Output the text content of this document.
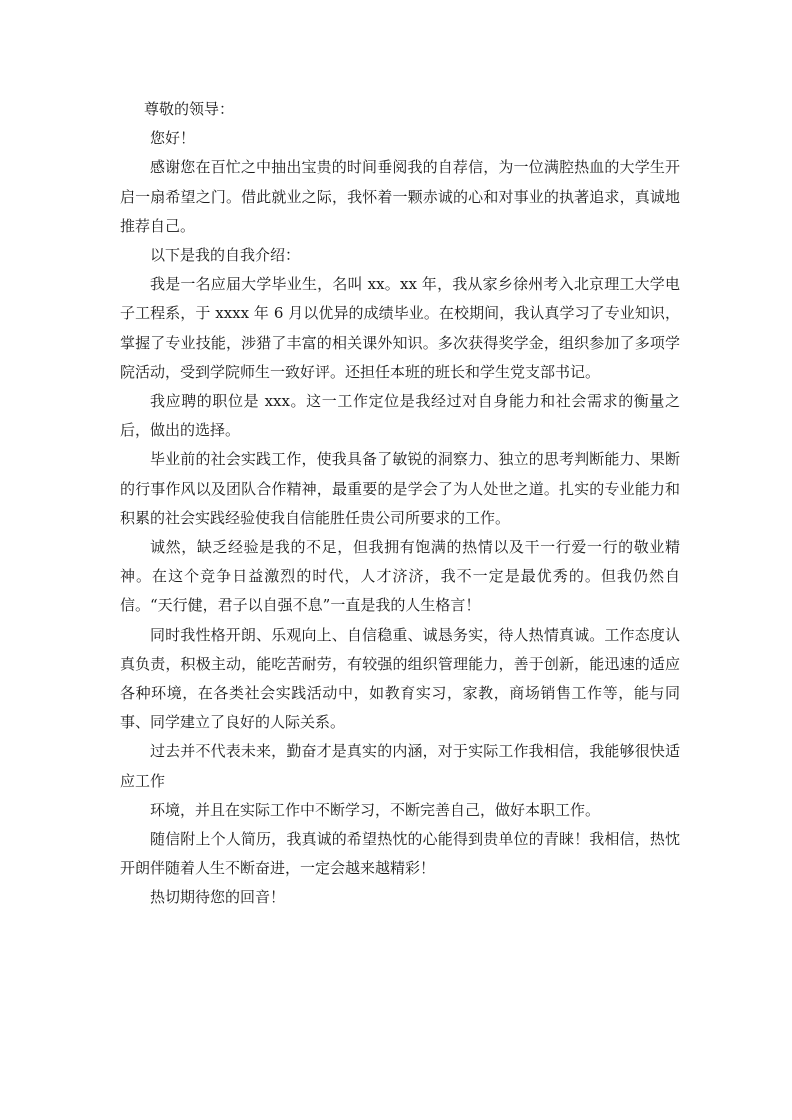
尊敬的领导：

您好！

感谢您在百忙之中抽出宝贵的时间垂阅我的自荐信，为一位满腔热血的大学生开启一扇希望之门。借此就业之际，我怀着一颗赤诚的心和对事业的执著追求，真诚地推荐自己。

以下是我的自我介绍：

我是一名应届大学毕业生，名叫 xx。xx 年，我从家乡徐州考入北京理工大学电子工程系，于 xxxx 年 6 月以优异的成绩毕业。在校期间，我认真学习了专业知识，掌握了专业技能，涉猎了丰富的相关课外知识。多次获得奖学金，组织参加了多项学院活动，受到学院师生一致好评。还担任本班的班长和学生党支部书记。

我应聘的职位是 xxx。这一工作定位是我经过对自身能力和社会需求的衡量之后，做出的选择。

毕业前的社会实践工作，使我具备了敏锐的洞察力、独立的思考判断能力、果断的行事作风以及团队合作精神，最重要的是学会了为人处世之道。扎实的专业能力和积累的社会实践经验使我自信能胜任贵公司所要求的工作。

诚然，缺乏经验是我的不足，但我拥有饱满的热情以及干一行爱一行的敬业精神。在这个竞争日益激烈的时代，人才济济，我不一定是最优秀的。但我仍然自信。“天行健，君子以自强不息”一直是我的人生格言！

同时我性格开朗、乐观向上、自信稳重、诚恳务实，待人热情真诚。工作态度认真负责，积极主动，能吃苦耐劳，有较强的组织管理能力，善于创新，能迅速的适应各种环境，在各类社会实践活动中，如教育实习，家教，商场销售工作等，能与同事、同学建立了良好的人际关系。

过去并不代表未来，勤奋才是真实的内涵，对于实际工作我相信，我能够很快适应工作

环境，并且在实际工作中不断学习，不断完善自己，做好本职工作。

随信附上个人简历，我真诚的希望热忱的心能得到贵单位的青睐！我相信，热忱开朗伴随着人生不断奋进，一定会越来越精彩！

热切期待您的回音！
